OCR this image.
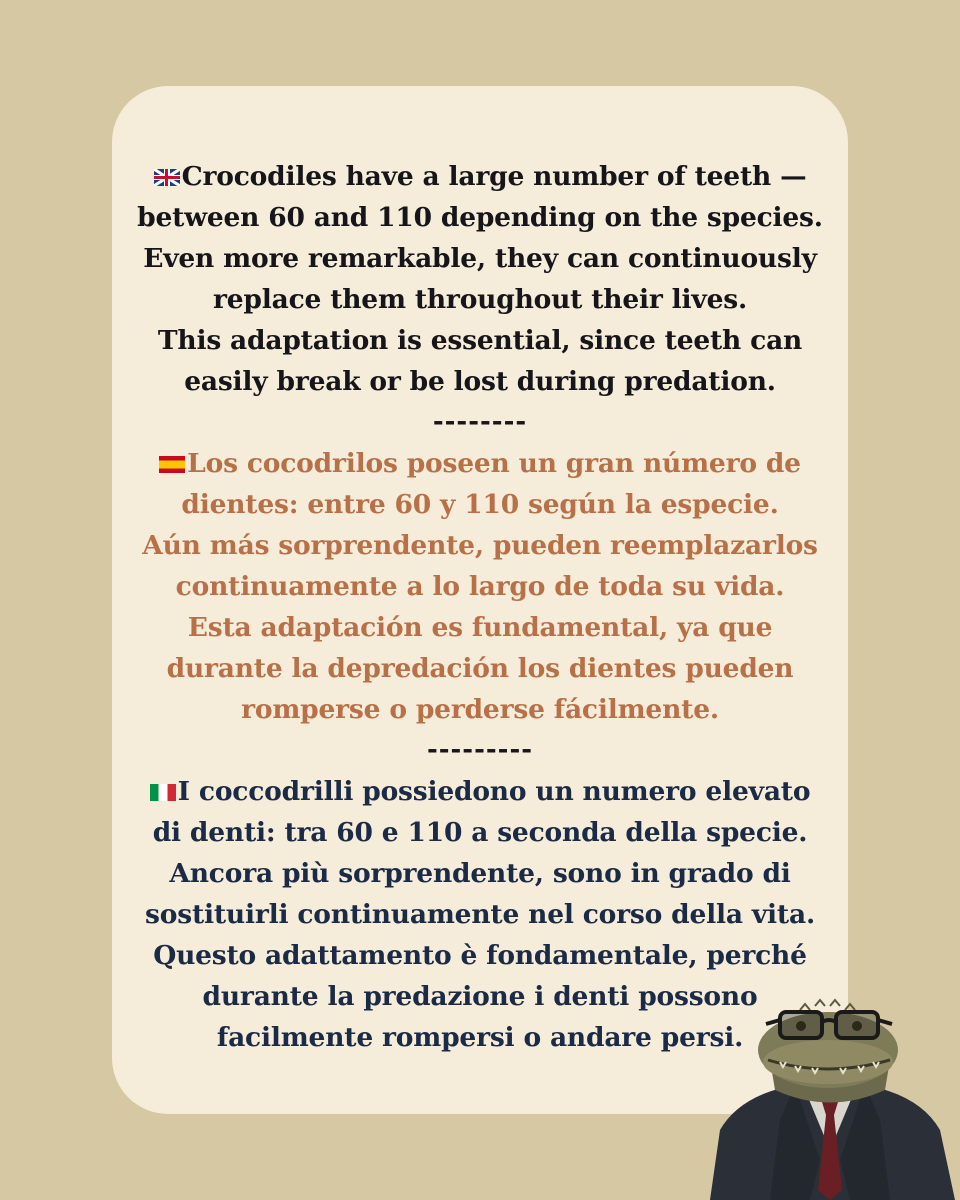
Crocodiles have a large number of teeth —
between 60 and 110 depending on the species.
Even more remarkable, they can continuously
replace them throughout their lives.
This adaptation is essential, since teeth can
easily break or be lost during predation.
--------
Los cocodrilos poseen un gran número de
dientes: entre 60 y 110 según la especie.
Aún más sorprendente, pueden reemplazarlos
continuamente a lo largo de toda su vida.
Esta adaptación es fundamental, ya que
durante la depredación los dientes pueden
romperse o perderse fácilmente.
---------
I coccodrilli possiedono un numero elevato
di denti: tra 60 e 110 a seconda della specie.
Ancora più sorprendente, sono in grado di
sostituirli continuamente nel corso della vita.
Questo adattamento è fondamentale, perché
durante la predazione i denti possono
facilmente rompersi o andare persi.
